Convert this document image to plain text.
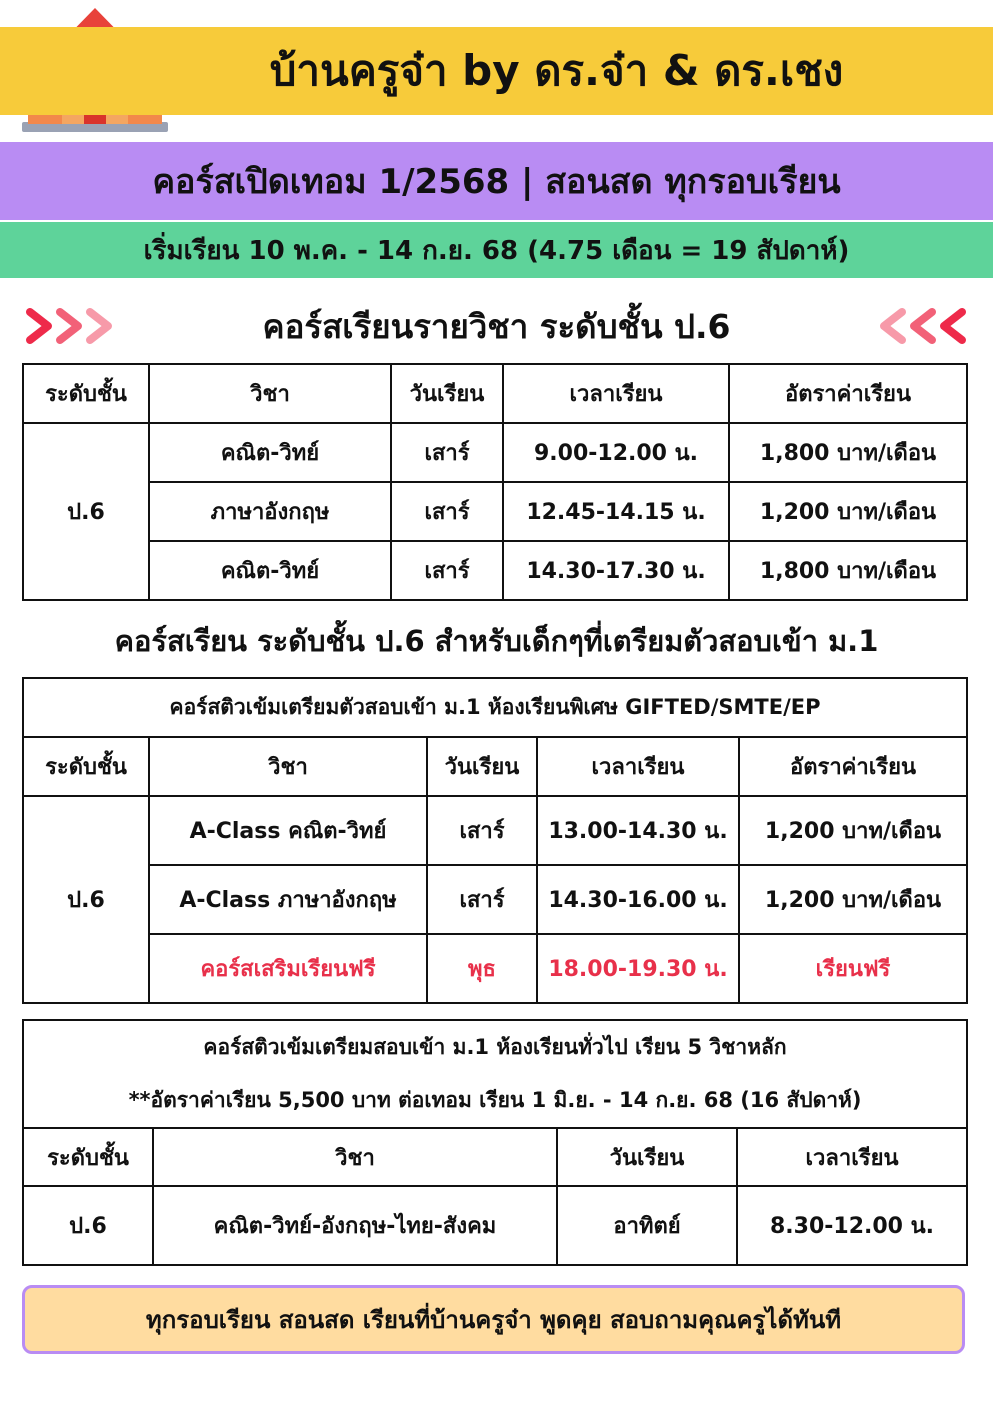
บ้านครูจ๋า by ดร.จ๋า & ดร.เชง
คอร์สเปิดเทอม 1/2568 | สอนสด ทุกรอบเรียน
เริ่มเรียน 10 พ.ค. - 14 ก.ย. 68 (4.75 เดือน = 19 สัปดาห์)
คอร์สเรียนรายวิชา ระดับชั้น ป.6
ระดับชั้น	วิชา	วันเรียน	เวลาเรียน	อัตราค่าเรียน
ป.6	คณิต-วิทย์	เสาร์	9.00-12.00 น.	1,800 บาท/เดือน
	ภาษาอังกฤษ	เสาร์	12.45-14.15 น.	1,200 บาท/เดือน
	คณิต-วิทย์	เสาร์	14.30-17.30 น.	1,800 บาท/เดือน
คอร์สเรียน ระดับชั้น ป.6 สำหรับเด็กๆที่เตรียมตัวสอบเข้า ม.1
คอร์สติวเข้มเตรียมตัวสอบเข้า ม.1 ห้องเรียนพิเศษ GIFTED/SMTE/EP				
ระดับชั้น	วิชา	วันเรียน	เวลาเรียน	อัตราค่าเรียน
ป.6	A-Class คณิต-วิทย์	เสาร์	13.00-14.30 น.	1,200 บาท/เดือน
	A-Class ภาษาอังกฤษ	เสาร์	14.30-16.00 น.	1,200 บาท/เดือน
	คอร์สเสริมเรียนฟรี	พุธ	18.00-19.30 น.	เรียนฟรี
คอร์สติวเข้มเตรียมสอบเข้า ม.1 ห้องเรียนทั่วไป เรียน 5 วิชาหลัก			
**อัตราค่าเรียน 5,500 บาท ต่อเทอม เรียน 1 มิ.ย. - 14 ก.ย. 68 (16 สัปดาห์)			
ระดับชั้น	วิชา	วันเรียน	เวลาเรียน
ป.6	คณิต-วิทย์-อังกฤษ-ไทย-สังคม	อาทิตย์	8.30-12.00 น.
ทุกรอบเรียน สอนสด เรียนที่บ้านครูจ๋า พูดคุย สอบถามคุณครูได้ทันที
